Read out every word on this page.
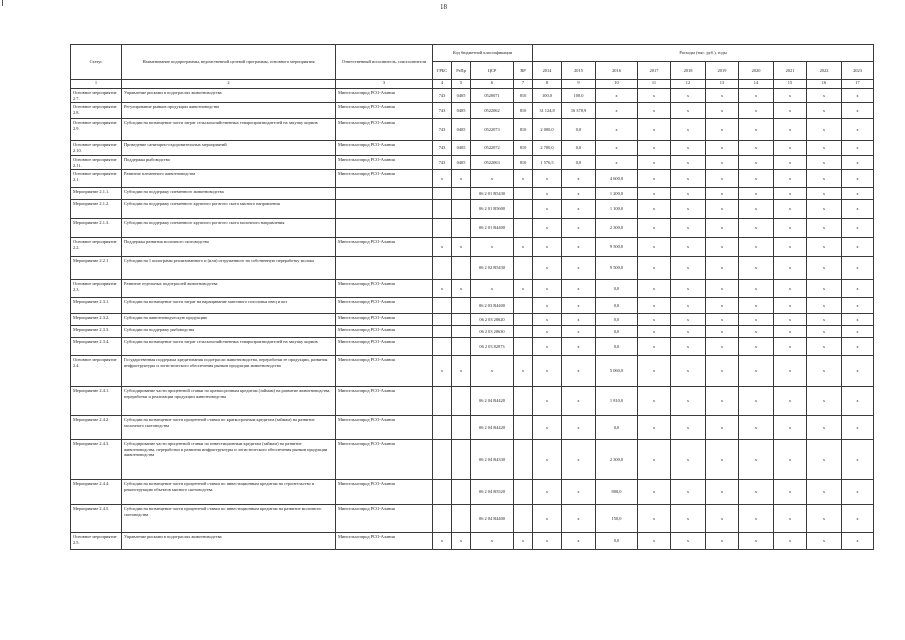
18
Статус	Наименование подпрограммы, ведомственной целевой программы, основного мероприятия	Ответственный исполнитель, соисполнители	Код бюджетной классификации				Расходы (тыс. руб.), годы									
			ГРБС	РзПр	ЦСР	ВР	2014	2015	2016	2017	2018	2019	2020	2021	2022	2023
1	2	3	4	5	6	7	8	9	10	11	12	13	14	15	16	17
Основное мероприятие 2.7.	Управление рисками в подотраслях животноводства	Минсельхозпрод РСО-Алания	743	0405	0520071	810	100,0	100,0	х	х	х	х	х	х	х	х
Основное мероприятие 2.8.	Регулирование рынков продукции животноводства	Минсельхозпрод РСО-Алания	743	0405	0522062	810	31 124,8	16 378,9	х	х	х	х	х	х	х	х
Основное мероприятие 2.9.	Субсидии на возмещение части затрат сельскохозяйственных товаропроизводителей на закупку кормов	Минсельхозпрод РСО-Алания	743	0405	0522073	810	2 000,0	0,0	х	х	х	х	х	х	х	х
Основное мероприятие 2.10.	Проведение санитарно-оздоровительных мероприятий	Минсельхозпрод РСО-Алания	743	0405	0522072	810	2 700,0	0,0	х	х	х	х	х	х	х	х
Основное мероприятие 2.11.	Поддержка рыбоводства	Минсельхозпрод РСО-Алания	743	0405	0522063	810	1 576,5	0,0	х	х	х	х	х	х	х	х
Основное мероприятие 2.1.	Развитие племенного животноводства	Минсельхозпрод РСО-Алания	х	х	х	х	х	х	4 600,0	х	х	х	х	х	х	х
Мероприятие 2.1.1.	Субсидии на поддержку племенного животноводства				06 2 01 R5430		х	х	1 200,0	х	х	х	х	х	х	х
Мероприятие 2.1.2.	Субсидии на поддержку племенного крупного рогатого скота мясного направления				06 2 01 R5600		х	х	1 100,0	х	х	х	х	х	х	х
Мероприятие 2.1.3.	Субсидии на поддержку племенного крупного рогатого скота молочного направления				06 2 01 R4400		х	х	2 300,0	х	х	х	х	х	х	х
Основное мероприятие 2.2.	Поддержка развития молочного скотоводства	Минсельхозпрод РСО-Алания	х	х	х	х	х	х	9 500,0	х	х	х	х	х	х	х
Мероприятие 2.2.1	Субсидии на 1 килограмм реализованного и (или) отгруженного на собственную переработку молока				06 2 02 R5430		х	х	9 500,0	х	х	х	х	х	х	х
Основное мероприятие 2.3.	Развитие отдельных подотраслей животноводства	Минсельхозпрод РСО-Алания	х	х	х	х	х	х	0,0	х	х	х	х	х	х	х
Мероприятие 2.3.1.	Субсидии на возмещение части затрат на наращивание маточного поголовья овец и коз	Минсельхозпрод РСО-Алания			06 2 03 R4400		х	х	0,0	х	х	х	х	х	х	х
Мероприятие 2.3.2.	Субсидии на животноводческую продукцию	Минсельхозпрод РСО-Алания			06 2 03 20620		х	х	0,0	х	х	х	х	х	х	х
Мероприятие 2.3.3.	Субсидии на поддержку рыбоводства	Минсельхозпрод РСО-Алания			06 2 03 20630		х	х	0,0	х	х	х	х	х	х	х
Мероприятие 2.3.4.	Субсидии на возмещение части затрат сельскохозяйственных товаропроизводителей на закупку кормов	Минсельхозпрод РСО-Алания			06 2 03 82073		х	х	0,0	х	х	х	х	х	х	х
Основное мероприятие 2.4.	Государственная поддержка кредитования подотрасли животноводства, переработки ее продукции, развития инфраструктуры и логистического обеспечения рынков продукции животноводства	Минсельхозпрод РСО-Алания	х	х	х	х	х	х	5 060,0	х	х	х	х	х	х	х
Мероприятие 2.4.1.	Субсидирование части процентной ставки по краткосрочным кредитам (займам) на развитие животноводства, переработки и реализации продукции животноводства	Минсельхозпрод РСО-Алания			06 2 04 R4420		х	х	1 810,0	х	х	х	х	х	х	х
Мероприятие 2.4.2.	Субсидии на возмещение части процентной ставки по краткосрочным кредитам (займам) на развитие молочного скотоводства	Минсельхозпрод РСО-Алания			06 2 04 R4420		х	х	0,0	х	х	х	х	х	х	х
Мероприятие 2.4.3.	Субсидирование части процентной ставки по инвестиционным кредитам (займам) на развитие животноводства, переработки и развития инфраструктуры и логистического обеспечения рынков продукции животноводства	Минсельхозпрод РСО-Алания			06 2 04 R4330		х	х	2 300,0	х	х	х	х	х	х	х
Мероприятие 2.4.4.	Субсидии на возмещение части процентной ставки по инвестиционным кредитам на строительство и реконструкцию объектов мясного скотоводства	Минсельхозпрод РСО-Алания			06 2 04 R5520		х	х	800,0	х	х	х	х	х	х	х
Мероприятие 2.4.5.	Субсидии на возмещение части процентной ставки по инвестиционным кредитам на развитие молочного скотоводства	Минсельхозпрод РСО-Алания			06 2 04 R4400		х	х	150,0	х	х	х	х	х	х	х
Основное мероприятие 2.5.	Управление рисками в подотраслях животноводства	Минсельхозпрод РСО-Алания	х	х	х	х	х	х	0,0	х	х	х	х	х	х	х
